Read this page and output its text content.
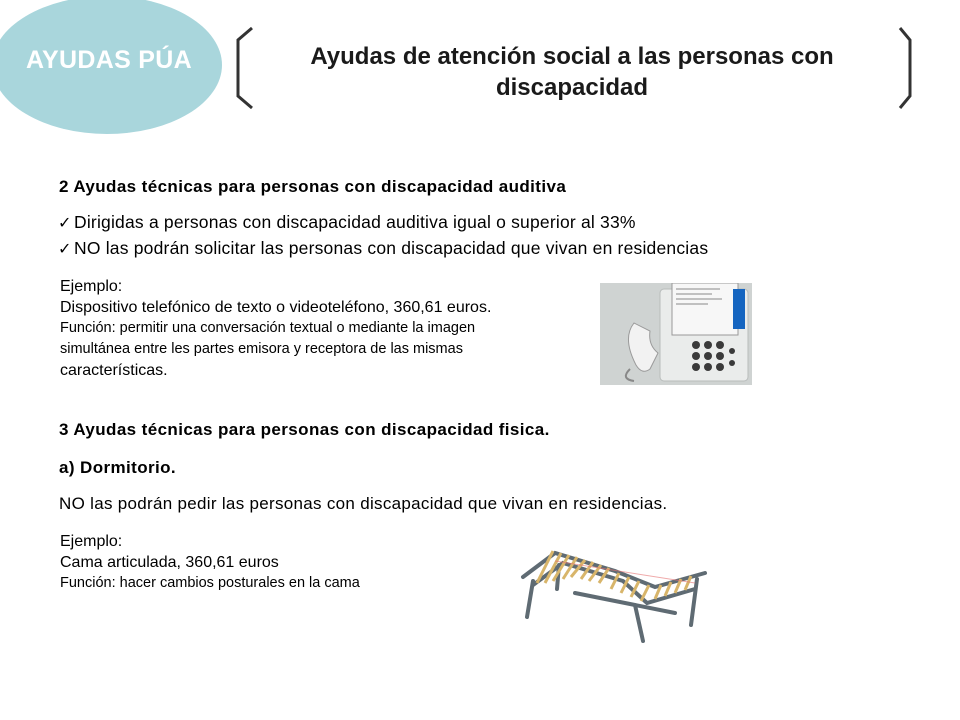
AYUDAS PÚA	Ayudas de atención social a las personas con
discapacidad
2 Ayudas técnicas para personas con discapacidad auditiva
✓ Dirigidas a personas con discapacidad auditiva igual o superior al 33%
✓ NO las podrán solicitar las personas con discapacidad que vivan en residencias
Ejemplo:
Dispositivo telefónico de texto o videoteléfono, 360,61 euros.
Función: permitir una conversación textual o mediante la imagen
simultánea entre les partes emisora y receptora de las mismas
características.
3 Ayudas técnicas para personas con discapacidad fisica.
a) Dormitorio.
NO las podrán pedir las personas con discapacidad que vivan en residencias.
Ejemplo:
Cama articulada, 360,61 euros
Función: hacer cambios posturales en la cama
